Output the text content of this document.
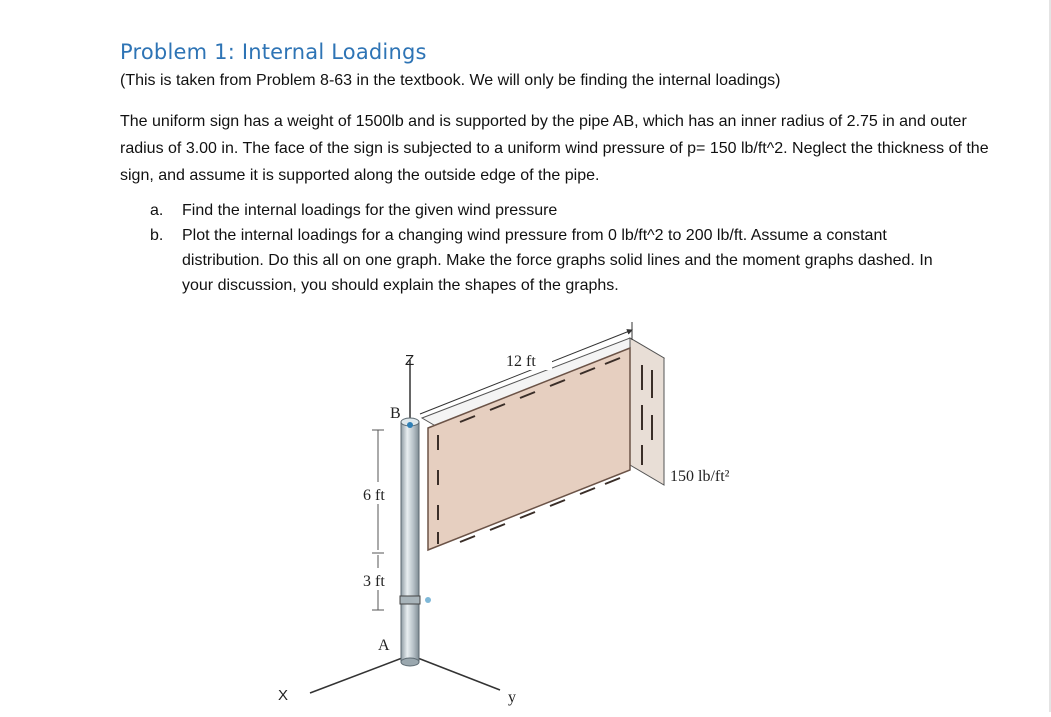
Problem 1: Internal Loadings
(This is taken from Problem 8-63 in the textbook. We will only be finding the internal loadings)
The uniform sign has a weight of 1500lb and is supported by the pipe AB, which has an inner radius of 2.75 in and outer radius of 3.00 in. The face of the sign is subjected to a uniform wind pressure of p= 150 lb/ft^2. Neglect the thickness of the sign, and assume it is supported along the outside edge of the pipe.
a.	Find the internal loadings for the given wind pressure
b.	Plot the internal loadings for a changing wind pressure from 0 lb/ft^2 to 200 lb/ft. Assume a constant distribution. Do this all on one graph. Make the force graphs solid lines and the moment graphs dashed. In your discussion, you should explain the shapes of the graphs.
Z
X	y
12 ft
B
A
6 ft
3 ft
150 lb/ft²
